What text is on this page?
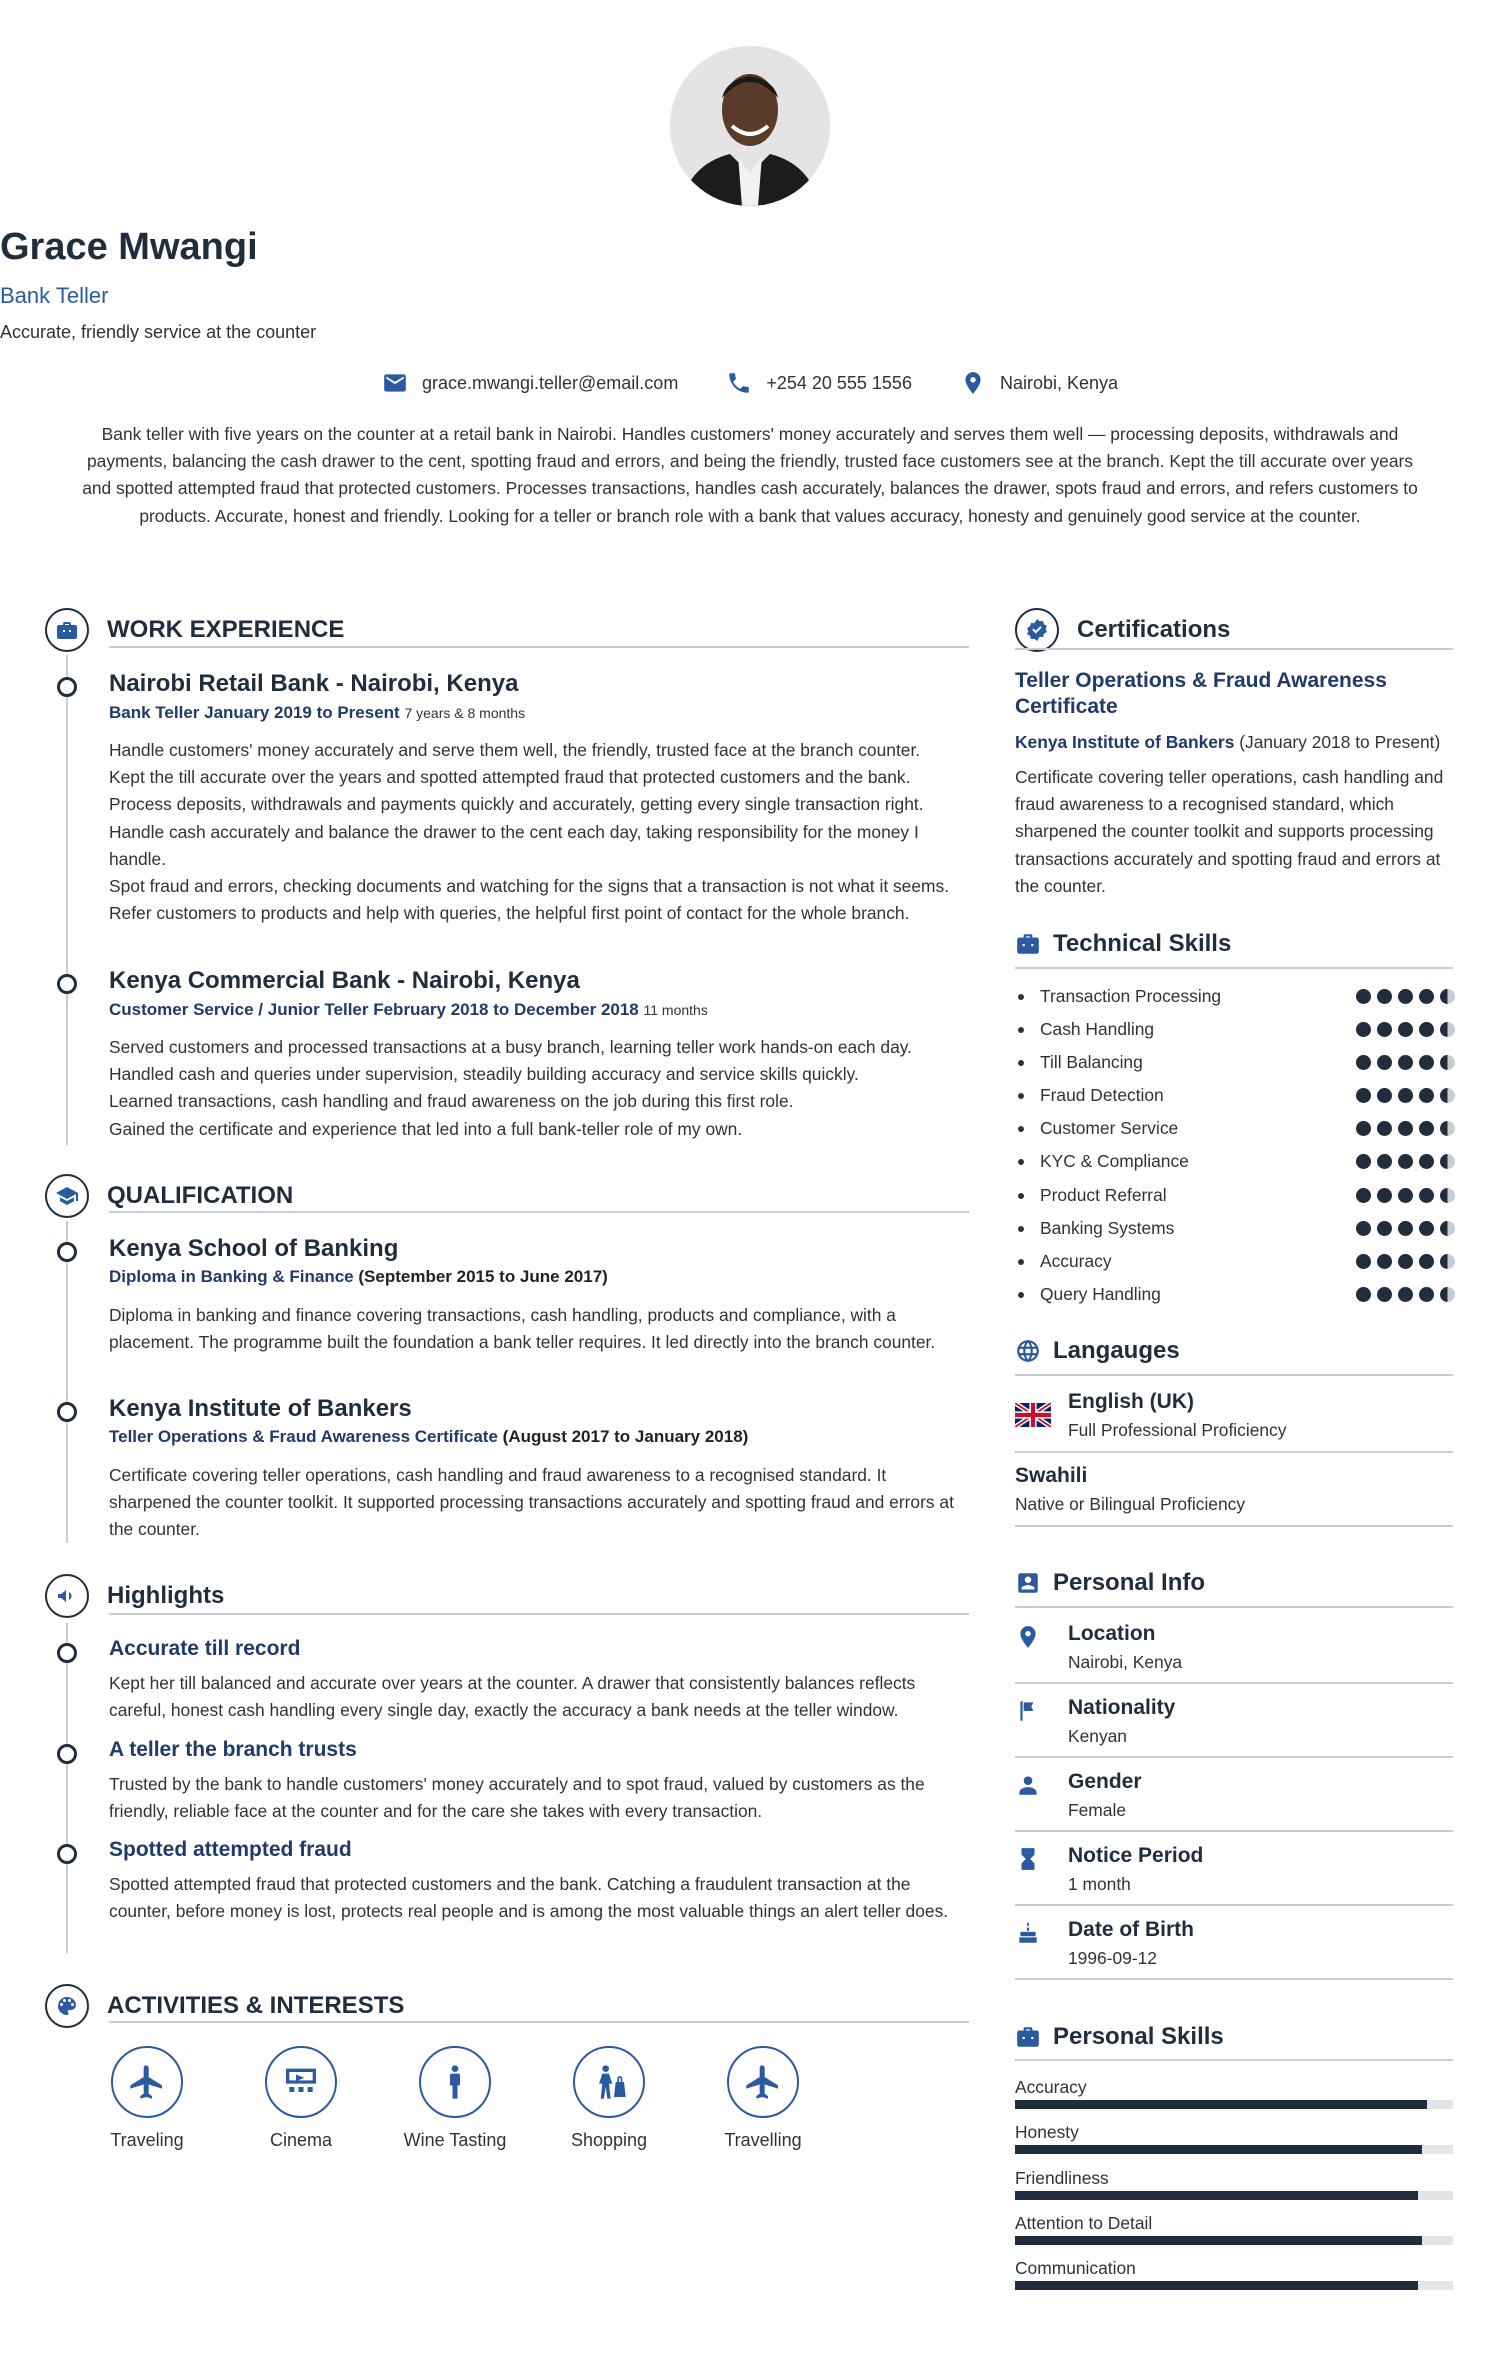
Grace Mwangi
Bank Teller
Accurate, friendly service at the counter
grace.mwangi.teller@email.com	+254 20 555 1556	Nairobi, Kenya
Bank teller with five years on the counter at a retail bank in Nairobi. Handles customers' money accurately and serves them well — processing deposits, withdrawals and payments, balancing the cash drawer to the cent, spotting fraud and errors, and being the friendly, trusted face customers see at the branch. Kept the till accurate over years and spotted attempted fraud that protected customers. Processes transactions, handles cash accurately, balances the drawer, spots fraud and errors, and refers customers to products. Accurate, honest and friendly. Looking for a teller or branch role with a bank that values accuracy, honesty and genuinely good service at the counter.
WORK EXPERIENCE
Nairobi Retail Bank - Nairobi, Kenya
Bank Teller January 2019 to Present 7 years & 8 months
Handle customers' money accurately and serve them well, the friendly, trusted face at the branch counter.
Kept the till accurate over the years and spotted attempted fraud that protected customers and the bank.
Process deposits, withdrawals and payments quickly and accurately, getting every single transaction right.
Handle cash accurately and balance the drawer to the cent each day, taking responsibility for the money I handle.
Spot fraud and errors, checking documents and watching for the signs that a transaction is not what it seems.
Refer customers to products and help with queries, the helpful first point of contact for the whole branch.
Kenya Commercial Bank - Nairobi, Kenya
Customer Service / Junior Teller February 2018 to December 2018 11 months
Served customers and processed transactions at a busy branch, learning teller work hands-on each day.
Handled cash and queries under supervision, steadily building accuracy and service skills quickly.
Learned transactions, cash handling and fraud awareness on the job during this first role.
Gained the certificate and experience that led into a full bank-teller role of my own.
QUALIFICATION
Kenya School of Banking
Diploma in Banking & Finance (September 2015 to June 2017)
Diploma in banking and finance covering transactions, cash handling, products and compliance, with a placement. The programme built the foundation a bank teller requires. It led directly into the branch counter.
Kenya Institute of Bankers
Teller Operations & Fraud Awareness Certificate (August 2017 to January 2018)
Certificate covering teller operations, cash handling and fraud awareness to a recognised standard. It sharpened the counter toolkit. It supported processing transactions accurately and spotting fraud and errors at the counter.
Highlights
Accurate till record
Kept her till balanced and accurate over years at the counter. A drawer that consistently balances reflects careful, honest cash handling every single day, exactly the accuracy a bank needs at the teller window.
A teller the branch trusts
Trusted by the bank to handle customers' money accurately and to spot fraud, valued by customers as the friendly, reliable face at the counter and for the care she takes with every transaction.
Spotted attempted fraud
Spotted attempted fraud that protected customers and the bank. Catching a fraudulent transaction at the counter, before money is lost, protects real people and is among the most valuable things an alert teller does.
ACTIVITIES & INTERESTS
Traveling	Cinema	Wine Tasting	Shopping	Travelling
Certifications
Teller Operations & Fraud Awareness Certificate
Kenya Institute of Bankers (January 2018 to Present)
Certificate covering teller operations, cash handling and fraud awareness to a recognised standard, which sharpened the counter toolkit and supports processing transactions accurately and spotting fraud and errors at the counter.
Technical Skills
Transaction Processing
Cash Handling
Till Balancing
Fraud Detection
Customer Service
KYC & Compliance
Product Referral
Banking Systems
Accuracy
Query Handling
Langauges
English (UK)
Full Professional Proficiency
Swahili
Native or Bilingual Proficiency
Personal Info
Location
Nairobi, Kenya
Nationality
Kenyan
Gender
Female
Notice Period
1 month
Date of Birth
1996-09-12
Personal Skills
Accuracy
Honesty
Friendliness
Attention to Detail
Communication
